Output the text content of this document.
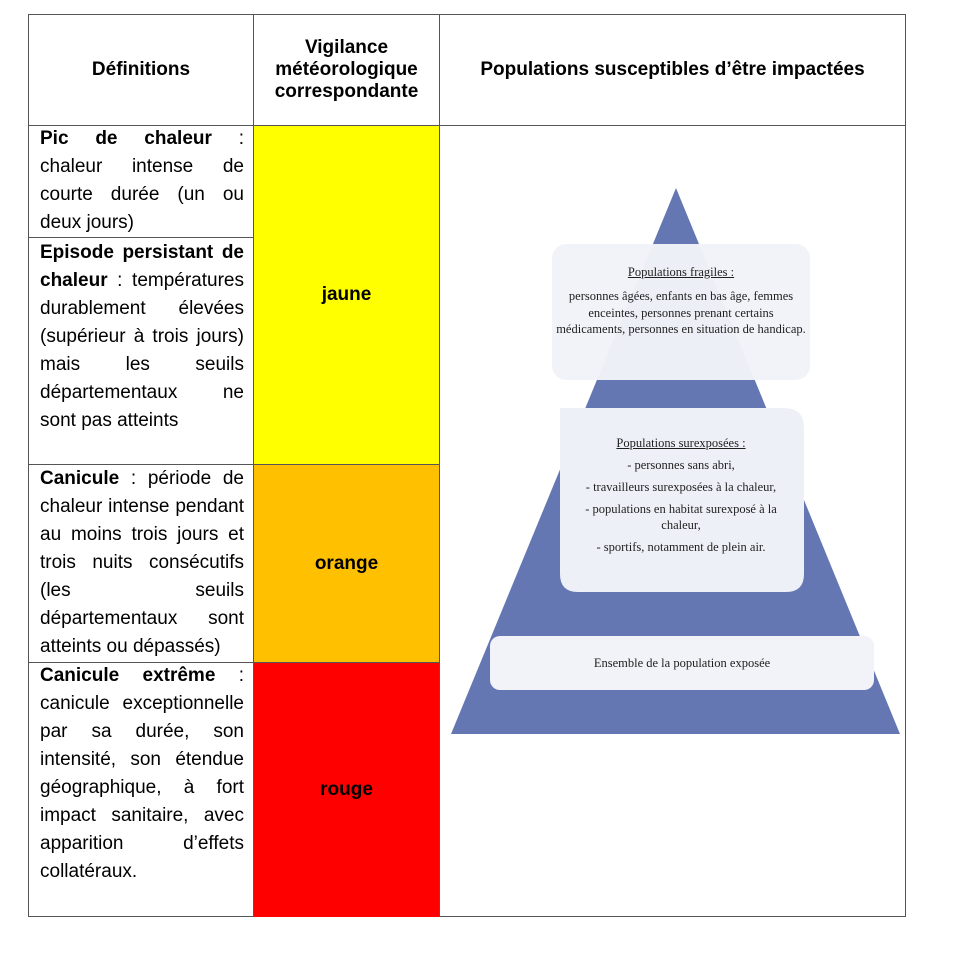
Définitions
Vigilance
météorologique
correspondante
Populations susceptibles d’être impactées
Pic de chaleur : chaleur intense de courte durée (un ou deux jours)
Episode persistant de chaleur : températures durablement élevées (supérieur à trois jours) mais les seuils départementaux ne sont pas atteints
Canicule : période de chaleur intense pendant au moins trois jours et trois nuits consécutifs (les seuils départementaux sont atteints ou dépassés)
Canicule extrême : canicule exceptionnelle par sa durée, son intensité, son étendue géographique, à fort impact sanitaire, avec apparition d’effets collatéraux.
jaune
orange
rouge
Populations fragiles :
personnes âgées, enfants en bas âge, femmes enceintes, personnes prenant certains médicaments, personnes en situation de handicap.
Populations surexposées :
- personnes sans abri,
- travailleurs surexposées à la chaleur,
- populations en habitat surexposé à la chaleur,
- sportifs, notamment de plein air.
Ensemble de la population exposée
